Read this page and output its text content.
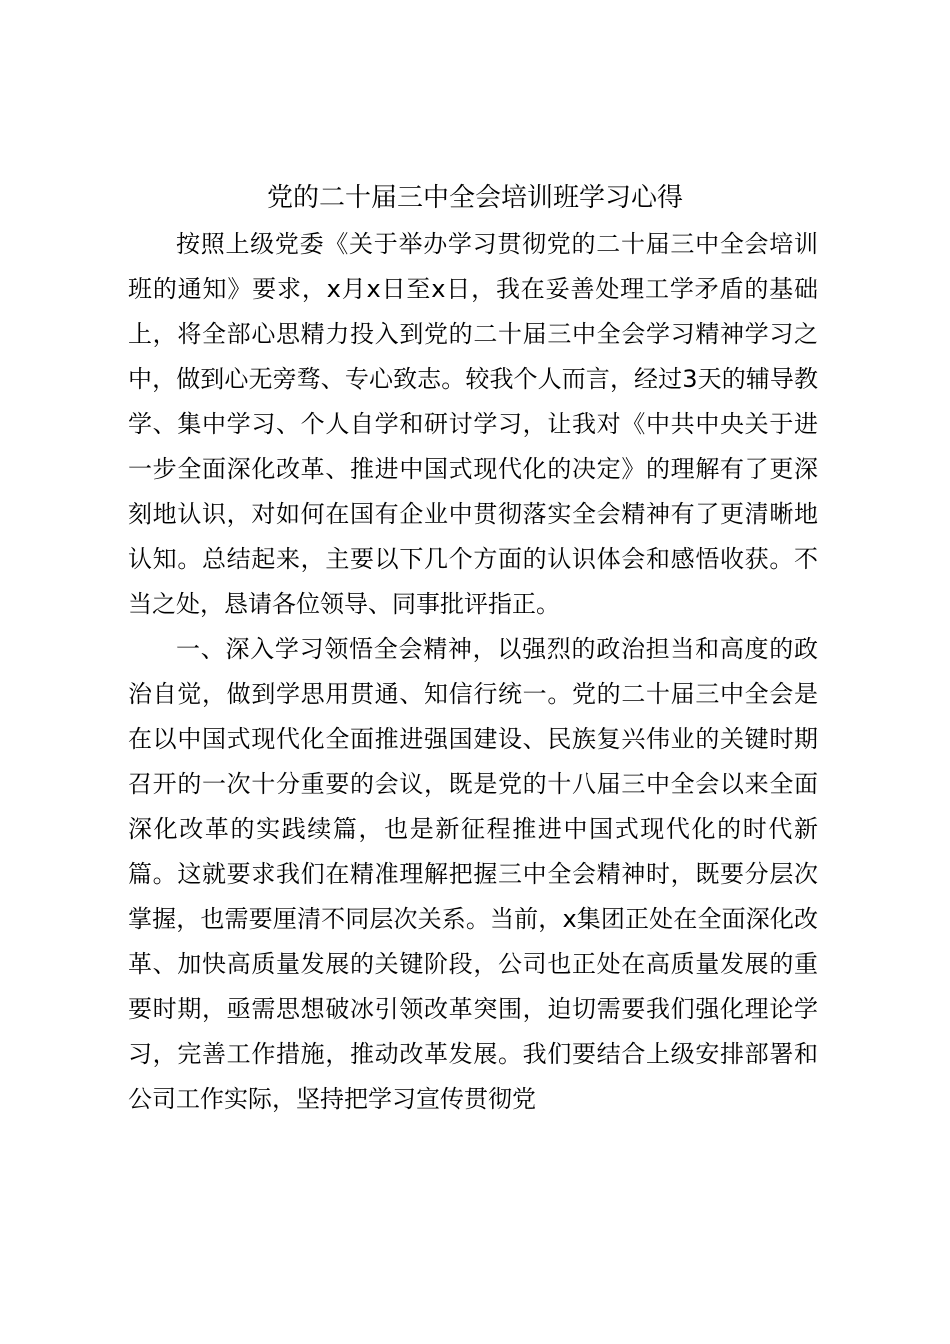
党的二十届三中全会培训班学习心得

按照上级党委《关于举办学习贯彻党的二十届三中全会培训班的通知》要求，x月x日至x日，我在妥善处理工学矛盾的基础上，将全部心思精力投入到党的二十届三中全会学习精神学习之中，做到心无旁骛、专心致志。较我个人而言，经过3天的辅导教学、集中学习、个人自学和研讨学习，让我对《中共中央关于进一步全面深化改革、推进中国式现代化的决定》的理解有了更深刻地认识，对如何在国有企业中贯彻落实全会精神有了更清晰地认知。总结起来，主要以下几个方面的认识体会和感悟收获。不当之处，恳请各位领导、同事批评指正。

一、深入学习领悟全会精神，以强烈的政治担当和高度的政治自觉，做到学思用贯通、知信行统一。党的二十届三中全会是在以中国式现代化全面推进强国建设、民族复兴伟业的关键时期召开的一次十分重要的会议，既是党的十八届三中全会以来全面深化改革的实践续篇，也是新征程推进中国式现代化的时代新篇。这就要求我们在精准理解把握三中全会精神时，既要分层次掌握，也需要厘清不同层次关系。当前，x集团正处在全面深化改革、加快高质量发展的关键阶段，公司也正处在高质量发展的重要时期，亟需思想破冰引领改革突围，迫切需要我们强化理论学习，完善工作措施，推动改革发展。我们要结合上级安排部署和公司工作实际，坚持把学习宣传贯彻党
